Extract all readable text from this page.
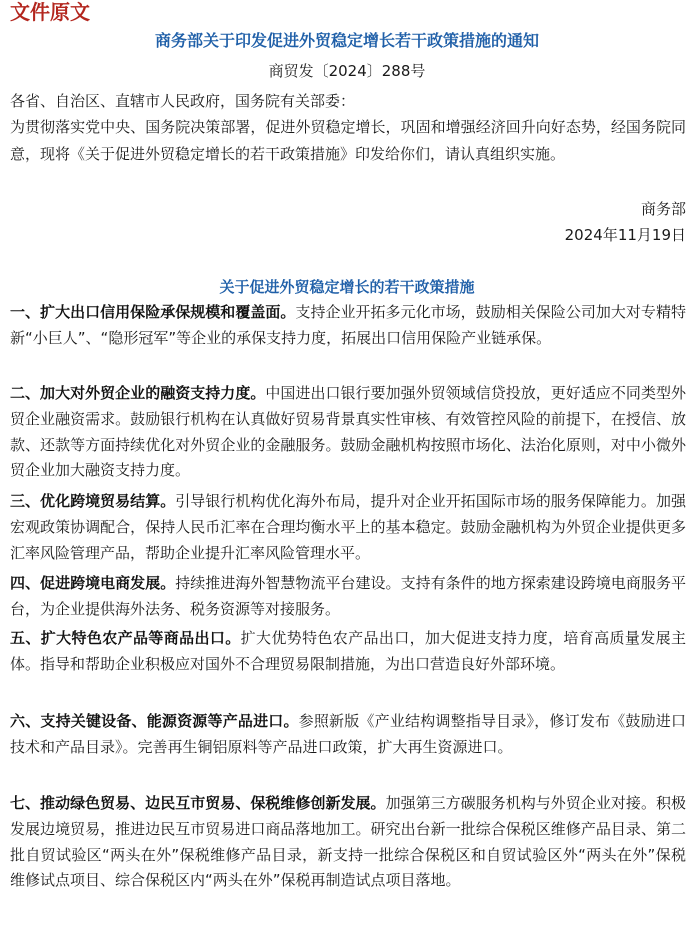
文件原文
商务部关于印发促进外贸稳定增长若干政策措施的通知
商贸发〔2024〕288号

各省、自治区、直辖市人民政府，国务院有关部委：

为贯彻落实党中央、国务院决策部署，促进外贸稳定增长，巩固和增强经济回升向好态势，经国务院同意，现将《关于促进外贸稳定增长的若干政策措施》印发给你们，请认真组织实施。

商务部
2024年11月19日
关于促进外贸稳定增长的若干政策措施
一、扩大出口信用保险承保规模和覆盖面。支持企业开拓多元化市场，鼓励相关保险公司加大对专精特新“小巨人”、“隐形冠军”等企业的承保支持力度，拓展出口信用保险产业链承保。
二、加大对外贸企业的融资支持力度。中国进出口银行要加强外贸领域信贷投放，更好适应不同类型外贸企业融资需求。鼓励银行机构在认真做好贸易背景真实性审核、有效管控风险的前提下，在授信、放款、还款等方面持续优化对外贸企业的金融服务。鼓励金融机构按照市场化、法治化原则，对中小微外贸企业加大融资支持力度。
三、优化跨境贸易结算。引导银行机构优化海外布局，提升对企业开拓国际市场的服务保障能力。加强宏观政策协调配合，保持人民币汇率在合理均衡水平上的基本稳定。鼓励金融机构为外贸企业提供更多汇率风险管理产品，帮助企业提升汇率风险管理水平。
四、促进跨境电商发展。持续推进海外智慧物流平台建设。支持有条件的地方探索建设跨境电商服务平台，为企业提供海外法务、税务资源等对接服务。
五、扩大特色农产品等商品出口。扩大优势特色农产品出口，加大促进支持力度，培育高质量发展主体。指导和帮助企业积极应对国外不合理贸易限制措施，为出口营造良好外部环境。
六、支持关键设备、能源资源等产品进口。参照新版《产业结构调整指导目录》，修订发布《鼓励进口技术和产品目录》。完善再生铜铝原料等产品进口政策，扩大再生资源进口。
七、推动绿色贸易、边民互市贸易、保税维修创新发展。加强第三方碳服务机构与外贸企业对接。积极发展边境贸易，推进边民互市贸易进口商品落地加工。研究出台新一批综合保税区维修产品目录、第二批自贸试验区“两头在外”保税维修产品目录，新支持一批综合保税区和自贸试验区外“两头在外”保税维修试点项目、综合保税区内“两头在外”保税再制造试点项目落地。
